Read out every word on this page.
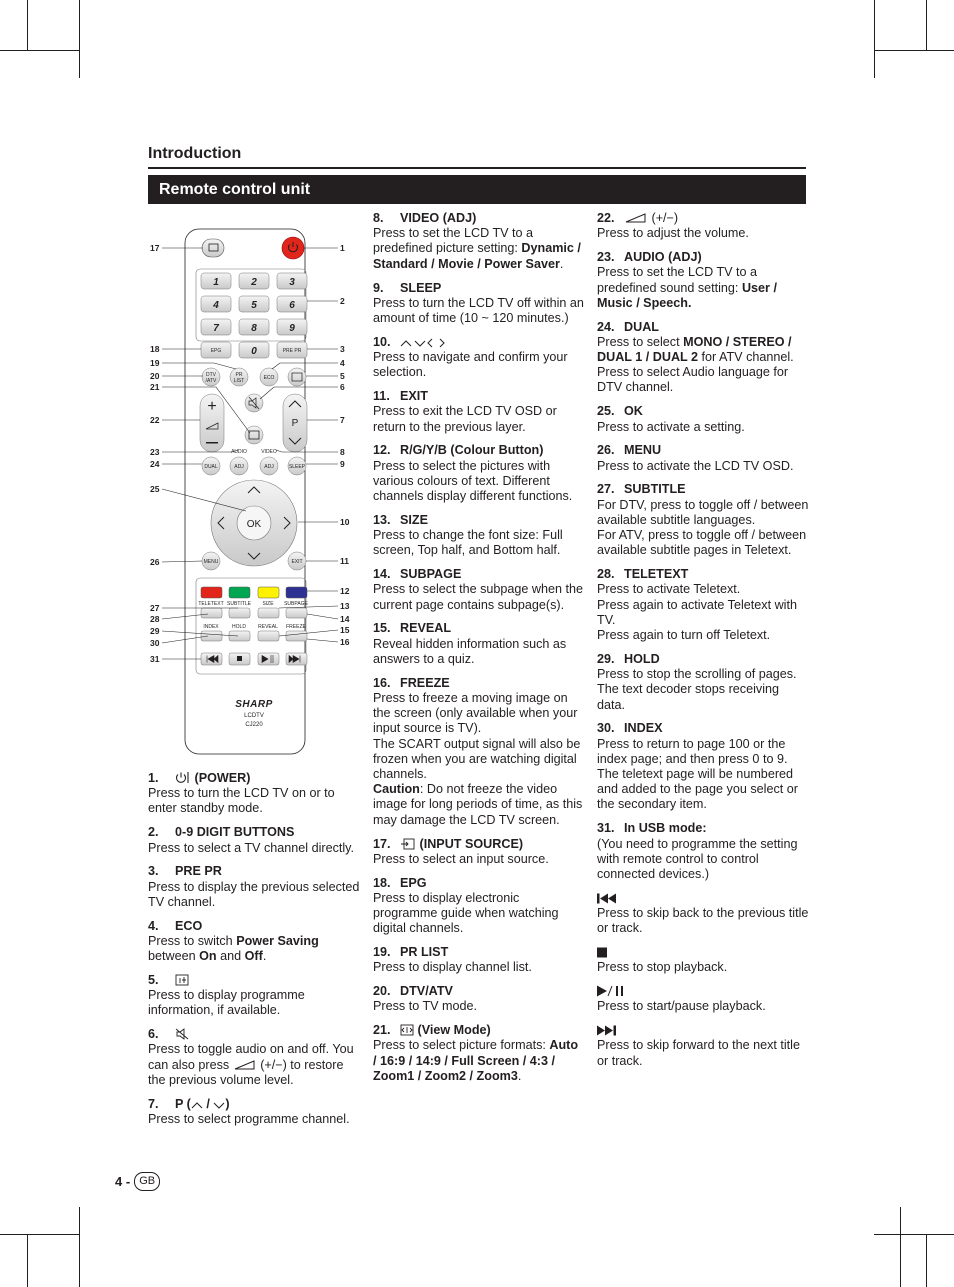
Introduction
Remote control unit
1	2	3
4	5	6
7	8	9
0
EPG	PRE PR
DTV
/ATV
PR
LIST	ECO
+
P
AUDIO	VIDEO
DUAL	ADJ	ADJ	SLEEP
OK
MENU	EXIT
TELETEXT SUBTITLE SIZE SUBPAGE
INDEX	HOLD REVEAL FREEZE
SHARP
LCDTV
CJ220
17
18
19
20
21
22
23
24
25
26
27
28
29
30
31
1
2
3
4
5
6
7
8
9
10
11
12
13
14
15
16
1.	(POWER)

Press to turn the LCD TV on or to enter standby mode.

2. 0-9 DIGIT BUTTONS

Press to select a TV channel directly.

3. PRE PR

Press to display the previous selected TV channel.

4. ECO

Press to switch Power Saving between On and Off.

5.

Press to display programme information, if available.

6.

Press to toggle audio on and off. You can also press
(+/−) to restore the previous volume level.

7. P (
/
)

Press to select programme channel.

8. VIDEO (ADJ)

Press to set the LCD TV to a predefined picture setting: Dynamic / Standard / Movie / Power Saver.

9. SLEEP

Press to turn the LCD TV off within an amount of time (10 ~ 120 minutes.)

10.

Press to navigate and confirm your selection.

11. EXIT

Press to exit the LCD TV OSD or return to the previous layer.

12. R/G/Y/B (Colour Button)

Press to select the pictures with various colours of text. Different channels display different functions.

13. SIZE

Press to change the font size: Full screen, Top half, and Bottom half.

14. SUBPAGE

Press to select the subpage when the current page contains subpage(s).

15. REVEAL

Reveal hidden information such as answers to a quiz.

16. FREEZE

Press to freeze a moving image on the screen (only available when your input source is TV).

The SCART output signal will also be frozen when you are watching digital channels.

Caution: Do not freeze the video image for long periods of time, as this may damage the LCD TV screen.

17. (INPUT SOURCE)

Press to select an input source.

18. EPG

Press to display electronic programme guide when watching digital channels.

19. PR LIST

Press to display channel list.

20. DTV/ATV

Press to TV mode.

21. (View Mode)

Press to select picture formats: Auto / 16:9 / 14:9 / Full Screen / 4:3 / Zoom1 / Zoom2 / Zoom3.

22.	(+/−)

Press to adjust the volume.

23. AUDIO (ADJ)

Press to set the LCD TV to a predefined sound setting: User / Music / Speech.

24. DUAL

Press to select MONO / STEREO / DUAL 1 / DUAL 2 for ATV channel. Press to select Audio language for DTV channel.

25. OK

Press to activate a setting.

26. MENU

Press to activate the LCD TV OSD.

27. SUBTITLE

For DTV, press to toggle off / between available subtitle languages.

For ATV, press to toggle off / between available subtitle pages in Teletext.

28. TELETEXT

Press to activate Teletext.

Press again to activate Teletext with TV.

Press again to turn off Teletext.

29. HOLD

Press to stop the scrolling of pages. The text decoder stops receiving data.

30. INDEX

Press to return to page 100 or the index page; and then press 0 to 9. The teletext page will be numbered and added to the page you select or the secondary item.

31. In USB mode:

(You need to programme the setting with remote control to control connected devices.)

Press to skip back to the previous title or track.

Press to stop playback.

Press to start/pause playback.

Press to skip forward to the next title or track.

4 - GB
